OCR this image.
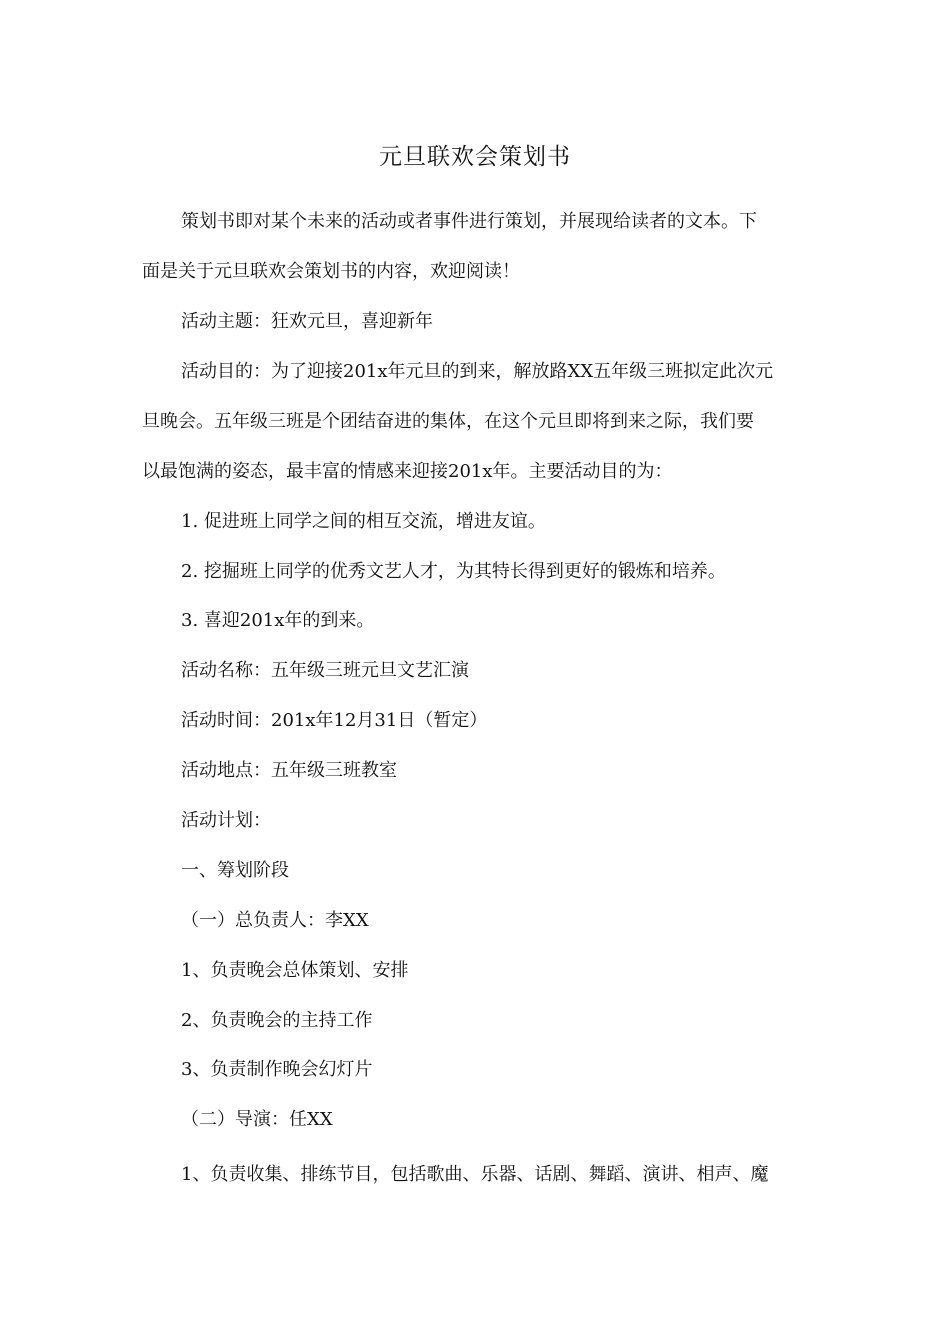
元旦联欢会策划书
策划书即对某个未来的活动或者事件进行策划，并展现给读者的文本。下
面是关于元旦联欢会策划书的内容，欢迎阅读！
活动主题：狂欢元旦，喜迎新年
活动目的：为了迎接201x年元旦的到来，解放路XX五年级三班拟定此次元
旦晚会。五年级三班是个团结奋进的集体，在这个元旦即将到来之际，我们要
以最饱满的姿态，最丰富的情感来迎接201x年。主要活动目的为：
1. 促进班上同学之间的相互交流，增进友谊。
2. 挖掘班上同学的优秀文艺人才，为其特长得到更好的锻炼和培养。
3. 喜迎201x年的到来。
活动名称：五年级三班元旦文艺汇演
活动时间：201x年12月31日（暂定）
活动地点：五年级三班教室
活动计划：
一、筹划阶段
（一）总负责人：李XX
1、负责晚会总体策划、安排
2、负责晚会的主持工作
3、负责制作晚会幻灯片
（二）导演：任XX
1、负责收集、排练节目，包括歌曲、乐器、话剧、舞蹈、演讲、相声、魔
